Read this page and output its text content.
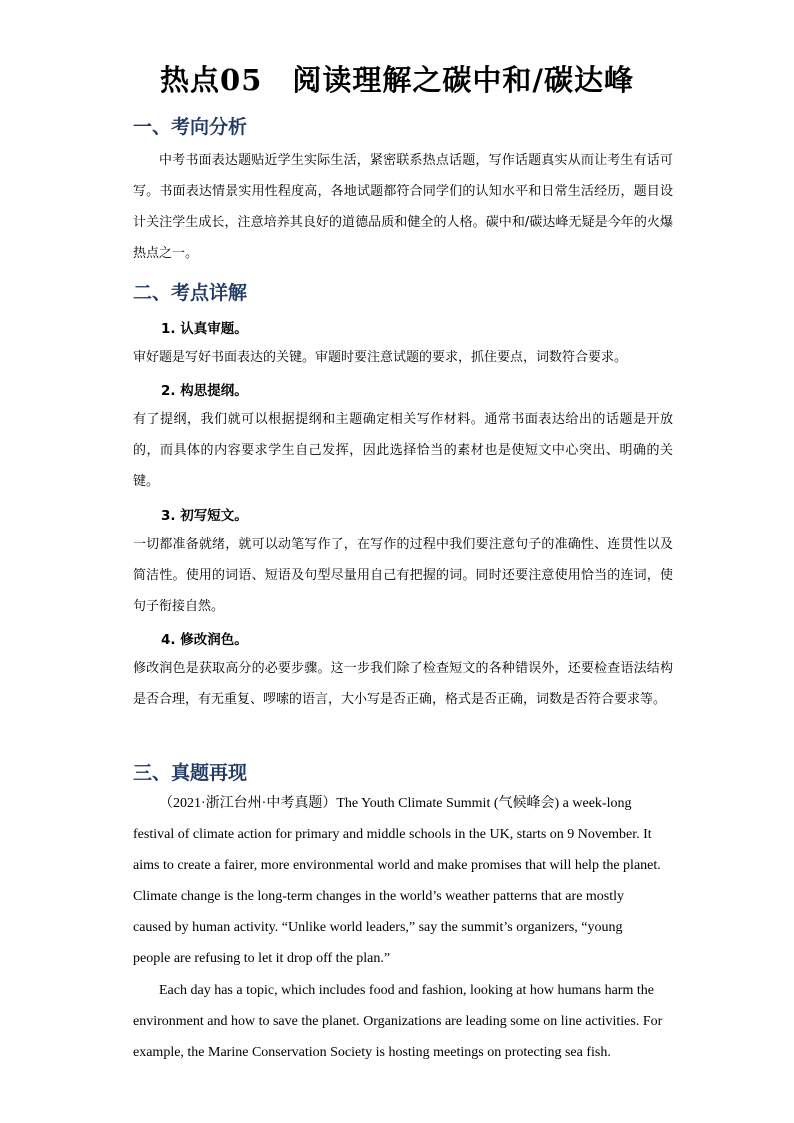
热点05 阅读理解之碳中和/碳达峰
一、考向分析

中考书面表达题贴近学生实际生活，紧密联系热点话题，写作话题真实从而让考生有话可写。书面表达情景实用性程度高，各地试题都符合同学们的认知水平和日常生活经历，题目设计关注学生成长，注意培养其良好的道德品质和健全的人格。碳中和/碳达峰无疑是今年的火爆热点之一。

二、考点详解
1. 认真审题。

审好题是写好书面表达的关键。审题时要注意试题的要求，抓住要点，词数符合要求。

2. 构思提纲。

有了提纲，我们就可以根据提纲和主题确定相关写作材料。通常书面表达给出的话题是开放的，而具体的内容要求学生自己发挥，因此选择恰当的素材也是使短文中心突出、明确的关键。

3. 初写短文。

一切都准备就绪，就可以动笔写作了，在写作的过程中我们要注意句子的准确性、连贯性以及简洁性。使用的词语、短语及句型尽量用自己有把握的词。同时还要注意使用恰当的连词，使句子衔接自然。

4. 修改润色。

修改润色是获取高分的必要步骤。这一步我们除了检查短文的各种错误外，还要检查语法结构是否合理，有无重复、啰嗦的语言，大小写是否正确，格式是否正确，词数是否符合要求等。

三、真题再现

（2021·浙江台州·中考真题）The Youth Climate Summit (气候峰会) a week-long festival of climate action for primary and middle schools in the UK, starts on 9 November. It aims to create a fairer, more environmental world and make promises that will help the planet. Climate change is the long-term changes in the world’s weather patterns that are mostly caused by human activity. “Unlike world leaders,” say the summit’s organizers, “young people are refusing to let it drop off the plan.”

Each day has a topic, which includes food and fashion, looking at how humans harm the environment and how to save the planet. Organizations are leading some on line activities. For example, the Marine Conservation Society is hosting meetings on protecting sea fish.
